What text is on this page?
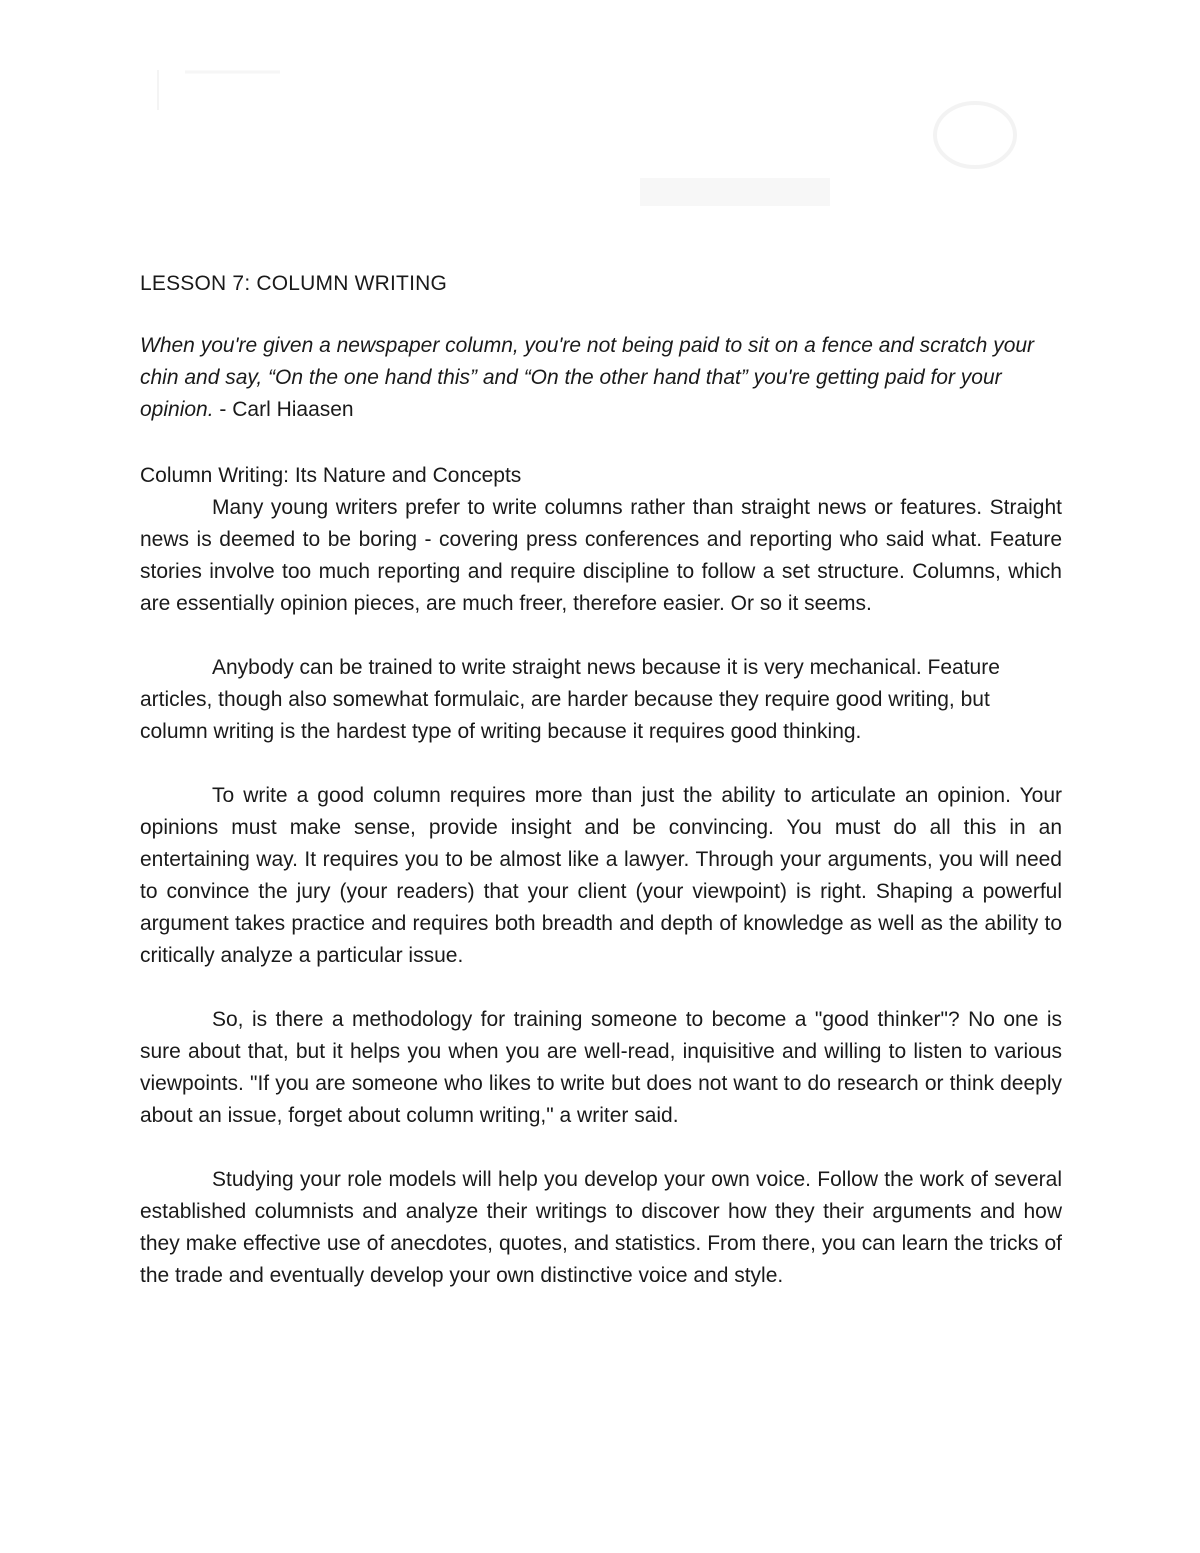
LESSON 7: COLUMN WRITING

When you're given a newspaper column, you're not being paid to sit on a fence and scratch your chin and say, “On the one hand this” and “On the other hand that” you're getting paid for your opinion. - Carl Hiaasen

Column Writing: Its Nature and Concepts

Many young writers prefer to write columns rather than straight news or features. Straight news is deemed to be boring - covering press conferences and reporting who said what. Feature stories involve too much reporting and require discipline to follow a set structure. Columns, which are essentially opinion pieces, are much freer, therefore easier. Or so it seems.

Anybody can be trained to write straight news because it is very mechanical. Feature articles, though also somewhat formulaic, are harder because they require good writing, but column writing is the hardest type of writing because it requires good thinking.

To write a good column requires more than just the ability to articulate an opinion. Your opinions must make sense, provide insight and be convincing. You must do all this in an entertaining way. It requires you to be almost like a lawyer. Through your arguments, you will need to convince the jury (your readers) that your client (your viewpoint) is right. Shaping a powerful argument takes practice and requires both breadth and depth of knowledge as well as the ability to critically analyze a particular issue.

So, is there a methodology for training someone to become a "good thinker"? No one is sure about that, but it helps you when you are well-read, inquisitive and willing to listen to various viewpoints. "If you are someone who likes to write but does not want to do research or think deeply about an issue, forget about column writing," a writer said.

Studying your role models will help you develop your own voice. Follow the work of several established columnists and analyze their writings to discover how they their arguments and how they make effective use of anecdotes, quotes, and statistics. From there, you can learn the tricks of the trade and eventually develop your own distinctive voice and style.
